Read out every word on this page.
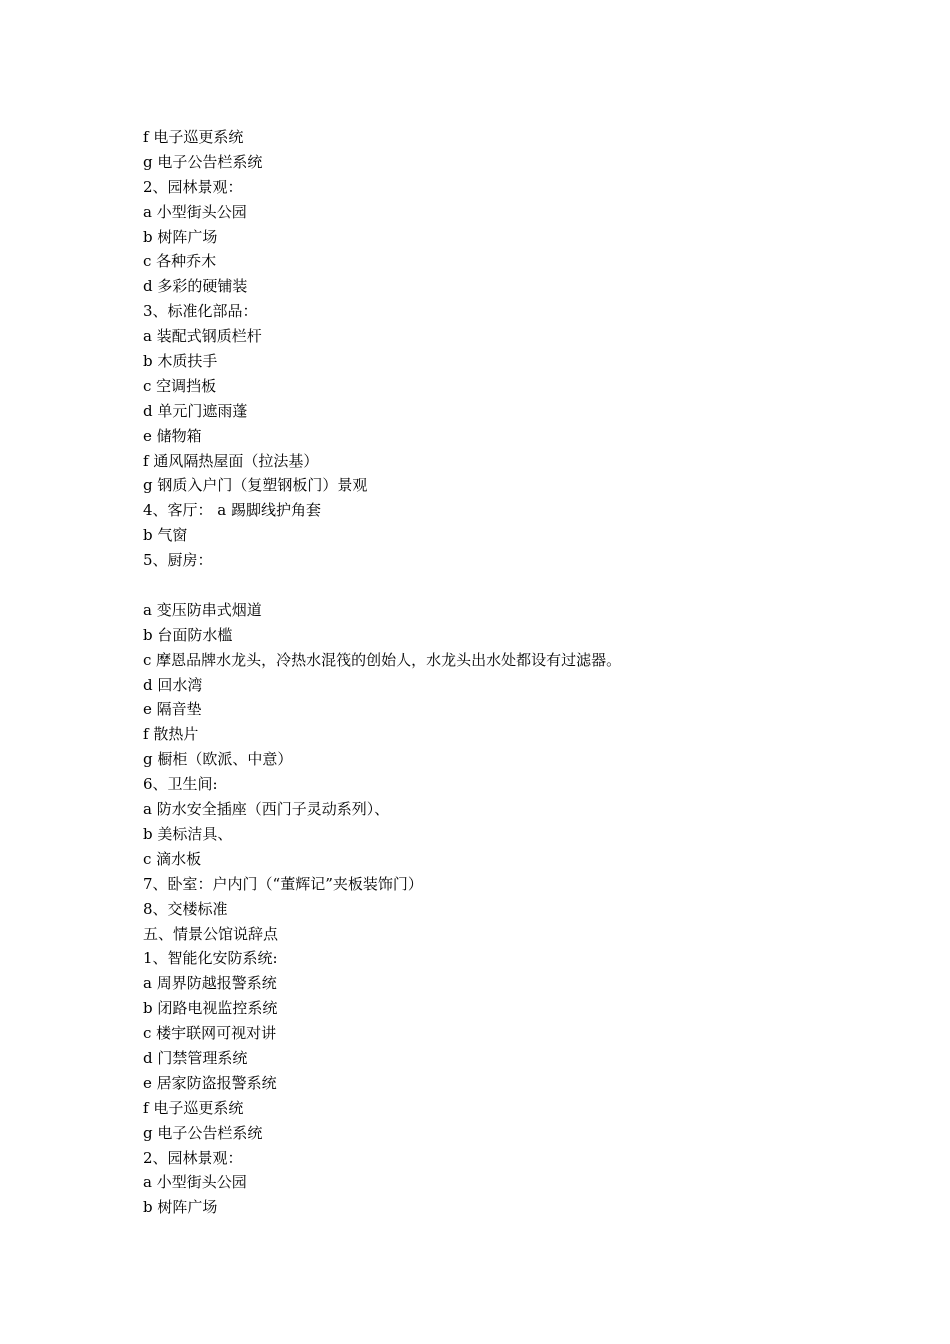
f 电子巡更系统
g 电子公告栏系统
2、园林景观：
a 小型街头公园
b 树阵广场
c 各种乔木
d 多彩的硬铺装
3、标准化部品：
a 装配式钢质栏杆
b 木质扶手
c 空调挡板
d 单元门遮雨蓬
e 储物箱
f 通风隔热屋面（拉法基）
g 钢质入户门（复塑钢板门）景观
4、客厅： a 踢脚线护角套
b 气窗
5、厨房：
a 变压防串式烟道
b 台面防水槛
c 摩恩品牌水龙头，冷热水混筏的创始人，水龙头出水处都设有过滤器。
d 回水湾
e 隔音垫
f 散热片
g 橱柜（欧派、中意）
6、卫生间:
a 防水安全插座（西门子灵动系列）、
b 美标洁具、
c 滴水板
7、卧室：户内门（“董辉记”夹板装饰门）
8、交楼标准
五、情景公馆说辞点
1、智能化安防系统:
a 周界防越报警系统
b 闭路电视监控系统
c 楼宇联网可视对讲
d 门禁管理系统
e 居家防盗报警系统
f 电子巡更系统
g 电子公告栏系统
2、园林景观：
a 小型街头公园
b 树阵广场
